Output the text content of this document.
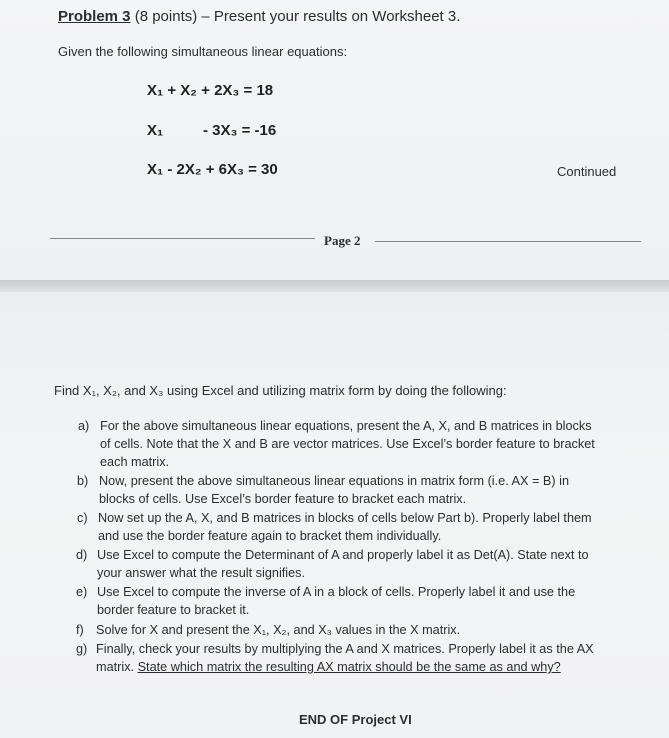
Problem 3 (8 points) – Present your results on Worksheet 3.
Given the following simultaneous linear equations:
X₁ + X₂ + 2X₃ = 18
X₁	- 3X₃ = -16
X₁ - 2X₂ + 6X₃ = 30	Continued
Page 2
Find X₁, X₂, and X₃ using Excel and utilizing matrix form by doing the following:
a) For the above simultaneous linear equations, present the A, X, and B matrices in blocks
of cells. Note that the X and B are vector matrices. Use Excel’s border feature to bracket
each matrix.
b) Now, present the above simultaneous linear equations in matrix form (i.e. AX = B) in
blocks of cells. Use Excel’s border feature to bracket each matrix.
c) Now set up the A, X, and B matrices in blocks of cells below Part b). Properly label them
and use the border feature again to bracket them individually.
d) Use Excel to compute the Determinant of A and properly label it as Det(A). State next to
your answer what the result signifies.
e) Use Excel to compute the inverse of A in a block of cells. Properly label it and use the
border feature to bracket it.
f) Solve for X and present the X₁, X₂, and X₃ values in the X matrix.
g) Finally, check your results by multiplying the A and X matrices. Properly label it as the AX
matrix. State which matrix the resulting AX matrix should be the same as and why?
END OF Project VI
